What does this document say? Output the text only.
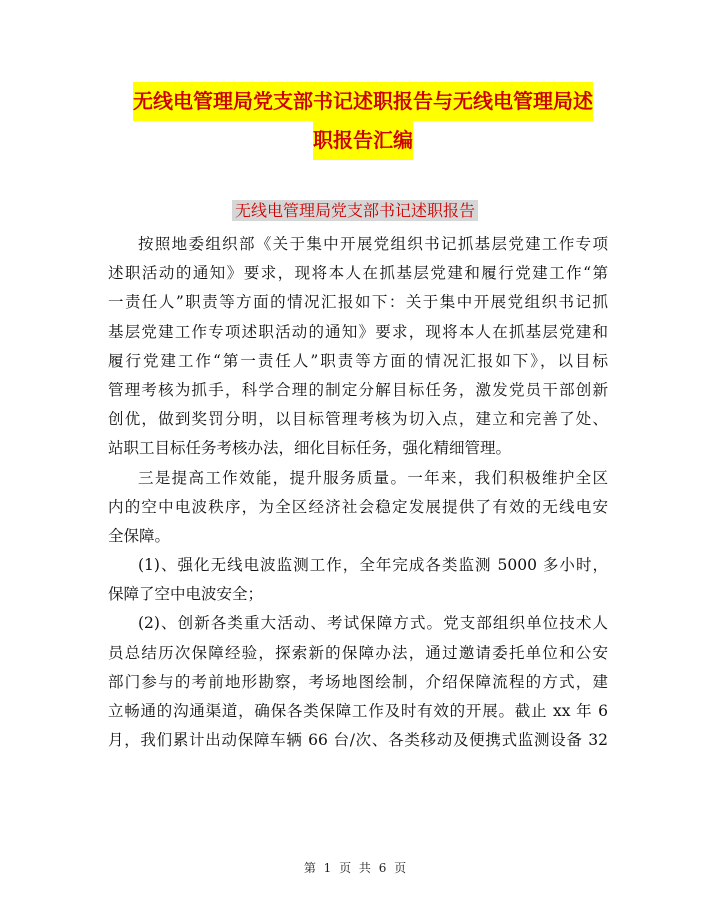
无线电管理局党支部书记述职报告与无线电管理局述
职报告汇编
无线电管理局党支部书记述职报告
按照地委组织部《关于集中开展党组织书记抓基层党建工作专项
述职活动的通知》要求，现将本人在抓基层党建和履行党建工作“第
一责任人”职责等方面的情况汇报如下：关于集中开展党组织书记抓
基层党建工作专项述职活动的通知》要求，现将本人在抓基层党建和
履行党建工作“第一责任人”职责等方面的情况汇报如下》，以目标
管理考核为抓手，科学合理的制定分解目标任务，激发党员干部创新
创优，做到奖罚分明，以目标管理考核为切入点，建立和完善了处、
站职工目标任务考核办法，细化目标任务，强化精细管理。
三是提高工作效能，提升服务质量。一年来，我们积极维护全区
内的空中电波秩序，为全区经济社会稳定发展提供了有效的无线电安
全保障。
(1)、强化无线电波监测工作，全年完成各类监测 5000 多小时，
保障了空中电波安全；
(2)、创新各类重大活动、考试保障方式。党支部组织单位技术人
员总结历次保障经验，探索新的保障办法，通过邀请委托单位和公安
部门参与的考前地形勘察，考场地图绘制，介绍保障流程的方式，建
立畅通的沟通渠道，确保各类保障工作及时有效的开展。截止 xx 年 6
月，我们累计出动保障车辆 66 台/次、各类移动及便携式监测设备 32
第 1 页 共 6 页
